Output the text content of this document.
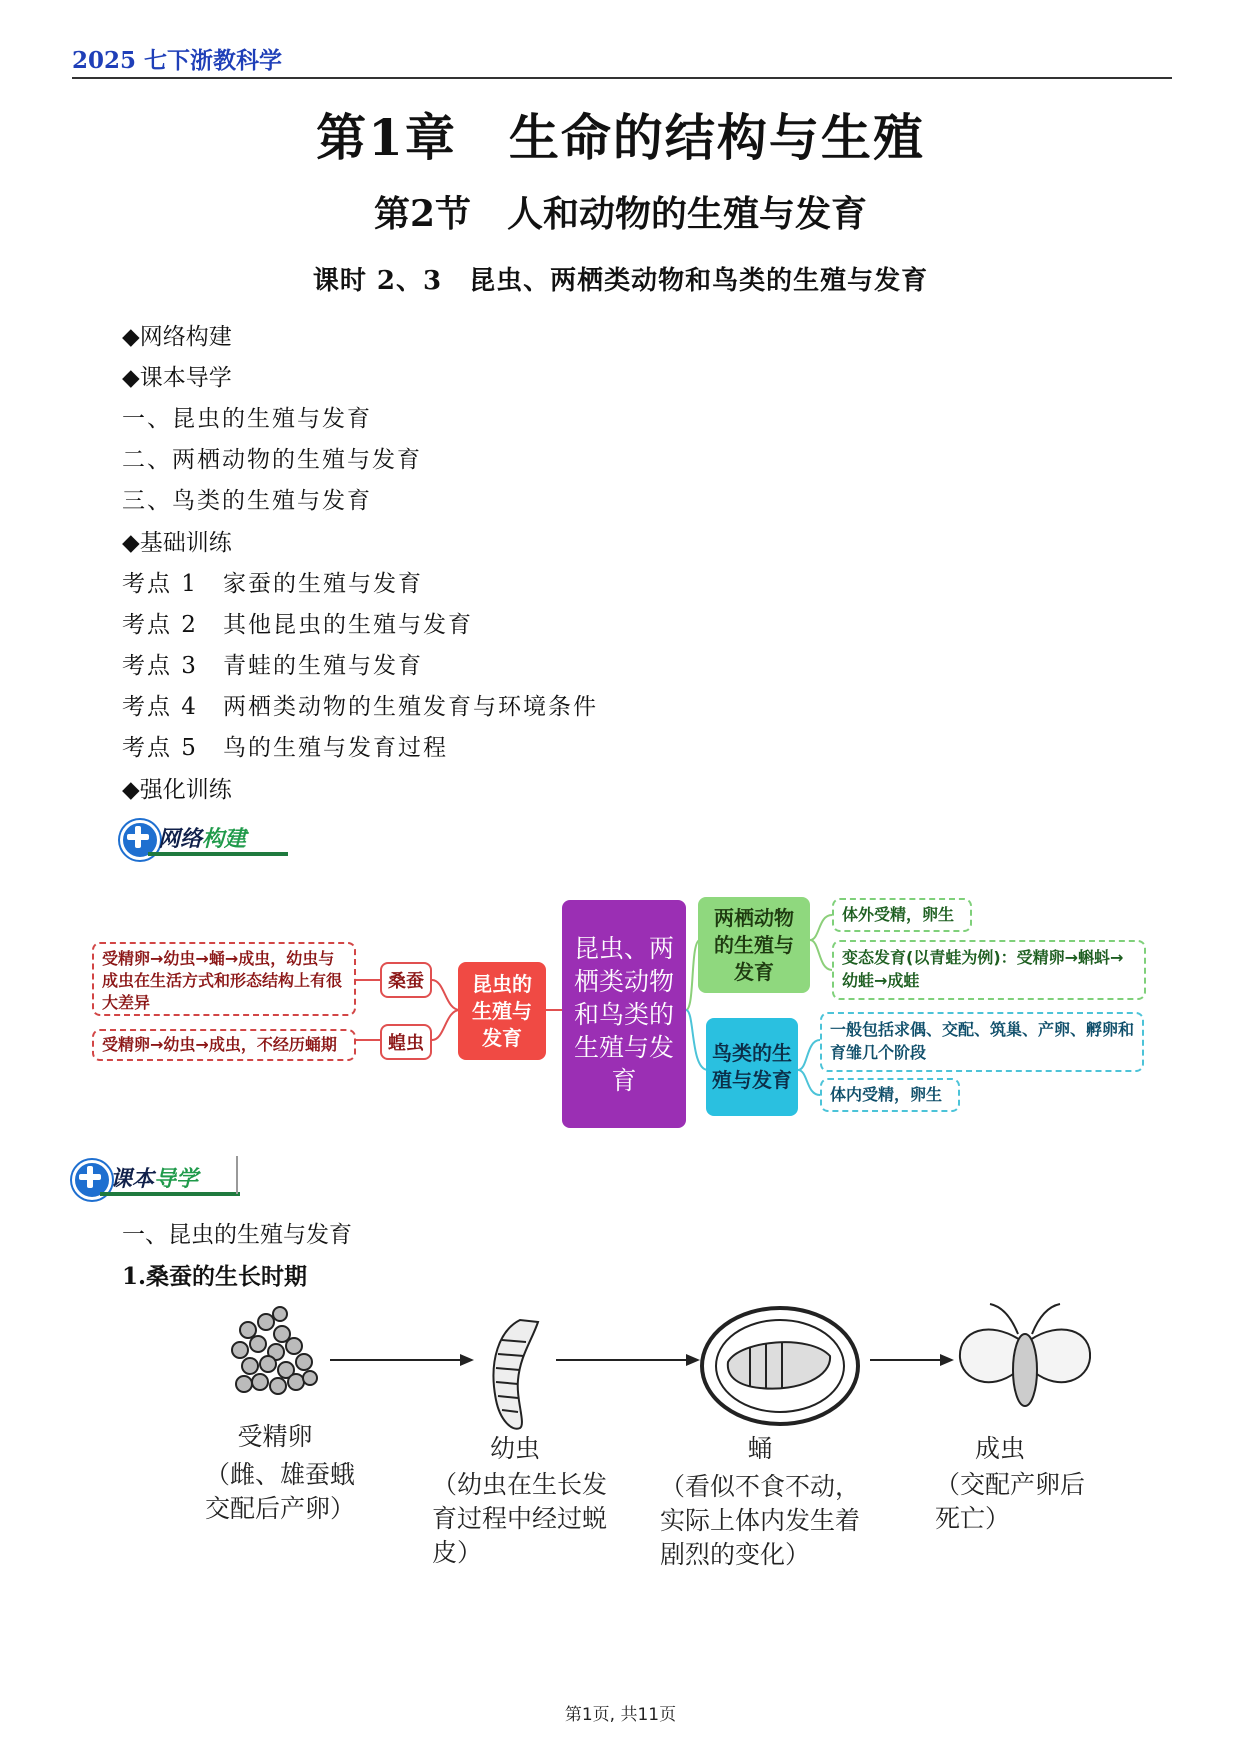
2025 七下浙教科学
第1章　生命的结构与生殖
第2节　人和动物的生殖与发育
课时 2、3　昆虫、两栖类动物和鸟类的生殖与发育
◆网络构建
◆课本导学
一、昆虫的生殖与发育
二、两栖动物的生殖与发育
三、鸟类的生殖与发育
◆基础训练
考点 1　家蚕的生殖与发育
考点 2　其他昆虫的生殖与发育
考点 3　青蛙的生殖与发育
考点 4　两栖类动物的生殖发育与环境条件
考点 5　鸟的生殖与发育过程
◆强化训练
网络构建
受精卵→幼虫→蛹→成虫，幼虫与成虫在生活方式和形态结构上有很大差异
受精卵→幼虫→成虫，不经历蛹期
桑蚕
蝗虫
昆虫的生殖与发育
昆虫、两栖类动物和鸟类的生殖与发育
两栖动物的生殖与发育
体外受精，卵生
变态发育(以青蛙为例)：受精卵→蝌蚪→幼蛙→成蛙
鸟类的生殖与发育
一般包括求偶、交配、筑巢、产卵、孵卵和育雏几个阶段
体内受精，卵生
课本导学
一、昆虫的生殖与发育
1.桑蚕的生长时期
受精卵
（雌、雄蚕蛾交配后产卵）
幼虫
（幼虫在生长发育过程中经过蜕皮）
蛹
（看似不食不动，实际上体内发生着剧烈的变化）
成虫
（交配产卵后死亡）
第1页, 共11页
